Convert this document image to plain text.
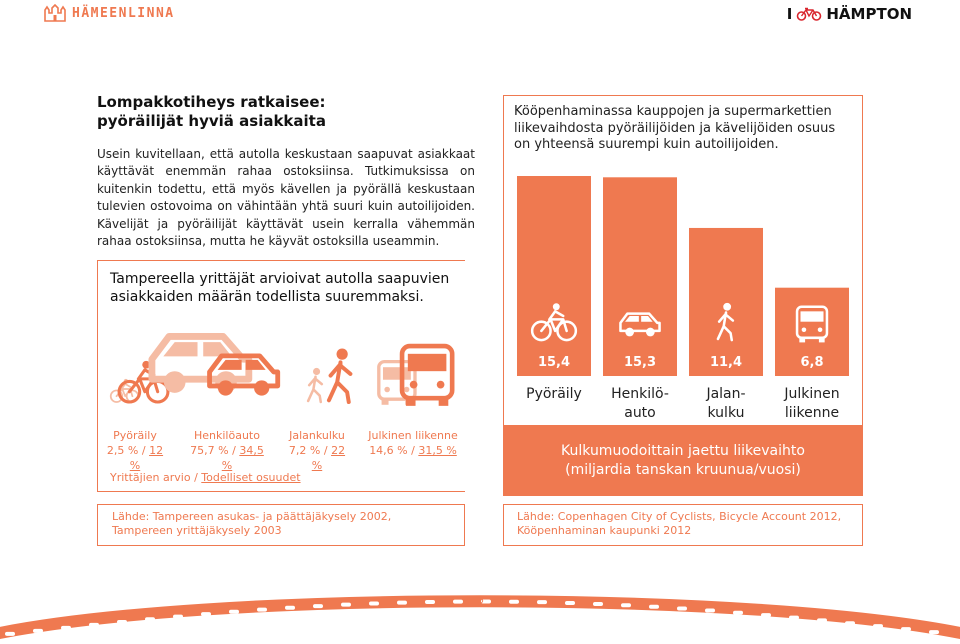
HÄMEENLINNA	I HÄMPTON
Lompakkotiheys ratkaisee:
pyöräilijät hyviä asiakkaita
Usein kuvitellaan, että autolla keskustaan saapuvat asiakkaat käyttävät enemmän rahaa ostoksiinsa. Tutkimuksissa on kuitenkin todettu, että myös kävellen ja pyörällä keskustaan tulevien ostovoima on vähintään yhtä suuri kuin autoilijoiden. Kävelijät ja pyöräilijät käyttävät usein kerralla vähemmän rahaa ostoksiinsa, mutta he käyvät ostoksilla useammin.
Tampereella yrittäjät arvioivat autolla saapuvien asiakkaiden määrän todellista suuremmaksi.
Pyöräily
2,5 % / 12 %
Henkilöauto
75,7 % / 34,5 %
Jalankulku
7,2 % / 22 %
Julkinen liikenne
14,6 % / 31,5 %
Yrittäjien arvio / Todelliset osuudet
Lähde: Tampereen asukas- ja päättäjäkysely 2002,
Tampereen yrittäjäkysely 2003
Kööpenhaminassa kauppojen ja supermarkettien liikevaihdosta pyöräilijöiden ja kävelijöiden osuus on yhteensä suurempi kuin autoilijoiden.
15,4
Pyöräily
15,3
Henkilö-
auto
11,4
Jalan-
kulku
6,8
Julkinen
liikenne
Kulkumuodoittain jaettu liikevaihto
(miljardia tanskan kruunua/vuosi)
Lähde: Copenhagen City of Cyclists, Bicycle Account 2012,
Kööpenhaminan kaupunki 2012
6
